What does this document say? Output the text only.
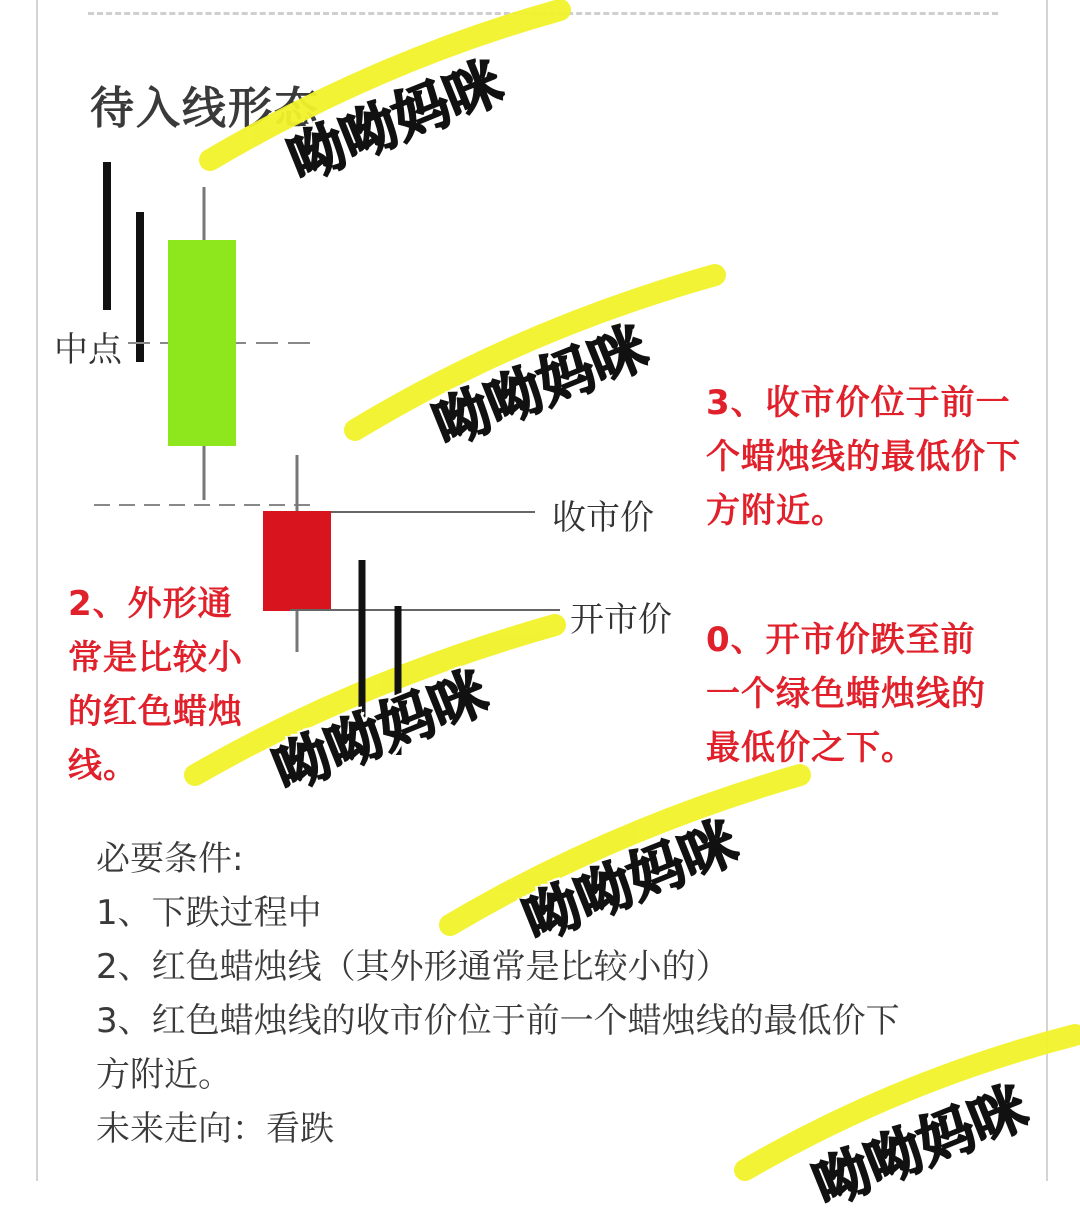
待入线形态
中点
收市价
开市价
3、收市价位于前一
个蜡烛线的最低价下
方附近。
2、外形通
常是比较小
的红色蜡烛
线。
0、开市价跌至前
一个绿色蜡烛线的
最低价之下。
必要条件:
1、下跌过程中
2、红色蜡烛线（其外形通常是比较小的）
3、红色蜡烛线的收市价位于前一个蜡烛线的最低价下
方附近。
未来走向：看跌
呦呦妈咪
呦呦妈咪
呦呦妈咪
呦呦妈咪
呦呦妈咪
